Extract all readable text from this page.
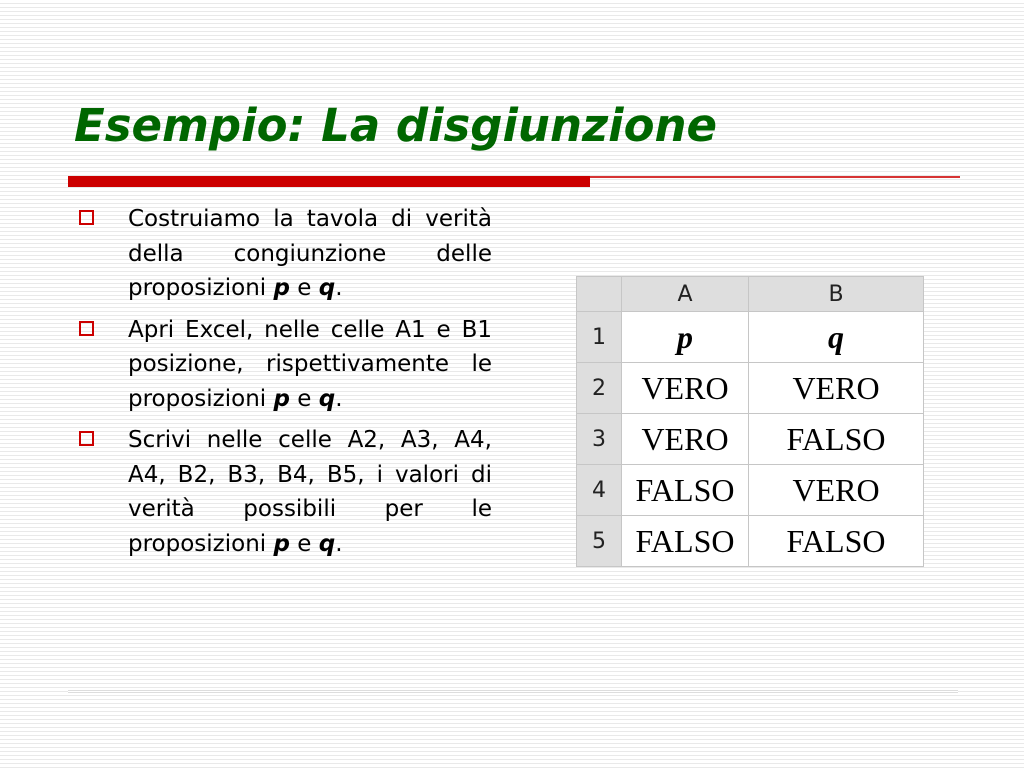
Esempio: La disgiunzione
Costruiamo la tavola di verità della congiunzione delle proposizioni p e q.
Apri Excel, nelle celle A1 e B1 posizione, rispettivamente le proposizioni p e q.
Scrivi nelle celle A2, A3, A4, A4, B2, B3, B4, B5, i valori di verità possibili per le proposizioni p e q.
	A	B
1	p	q
2	VERO	VERO
3	VERO	FALSO
4	FALSO	VERO
5	FALSO	FALSO
